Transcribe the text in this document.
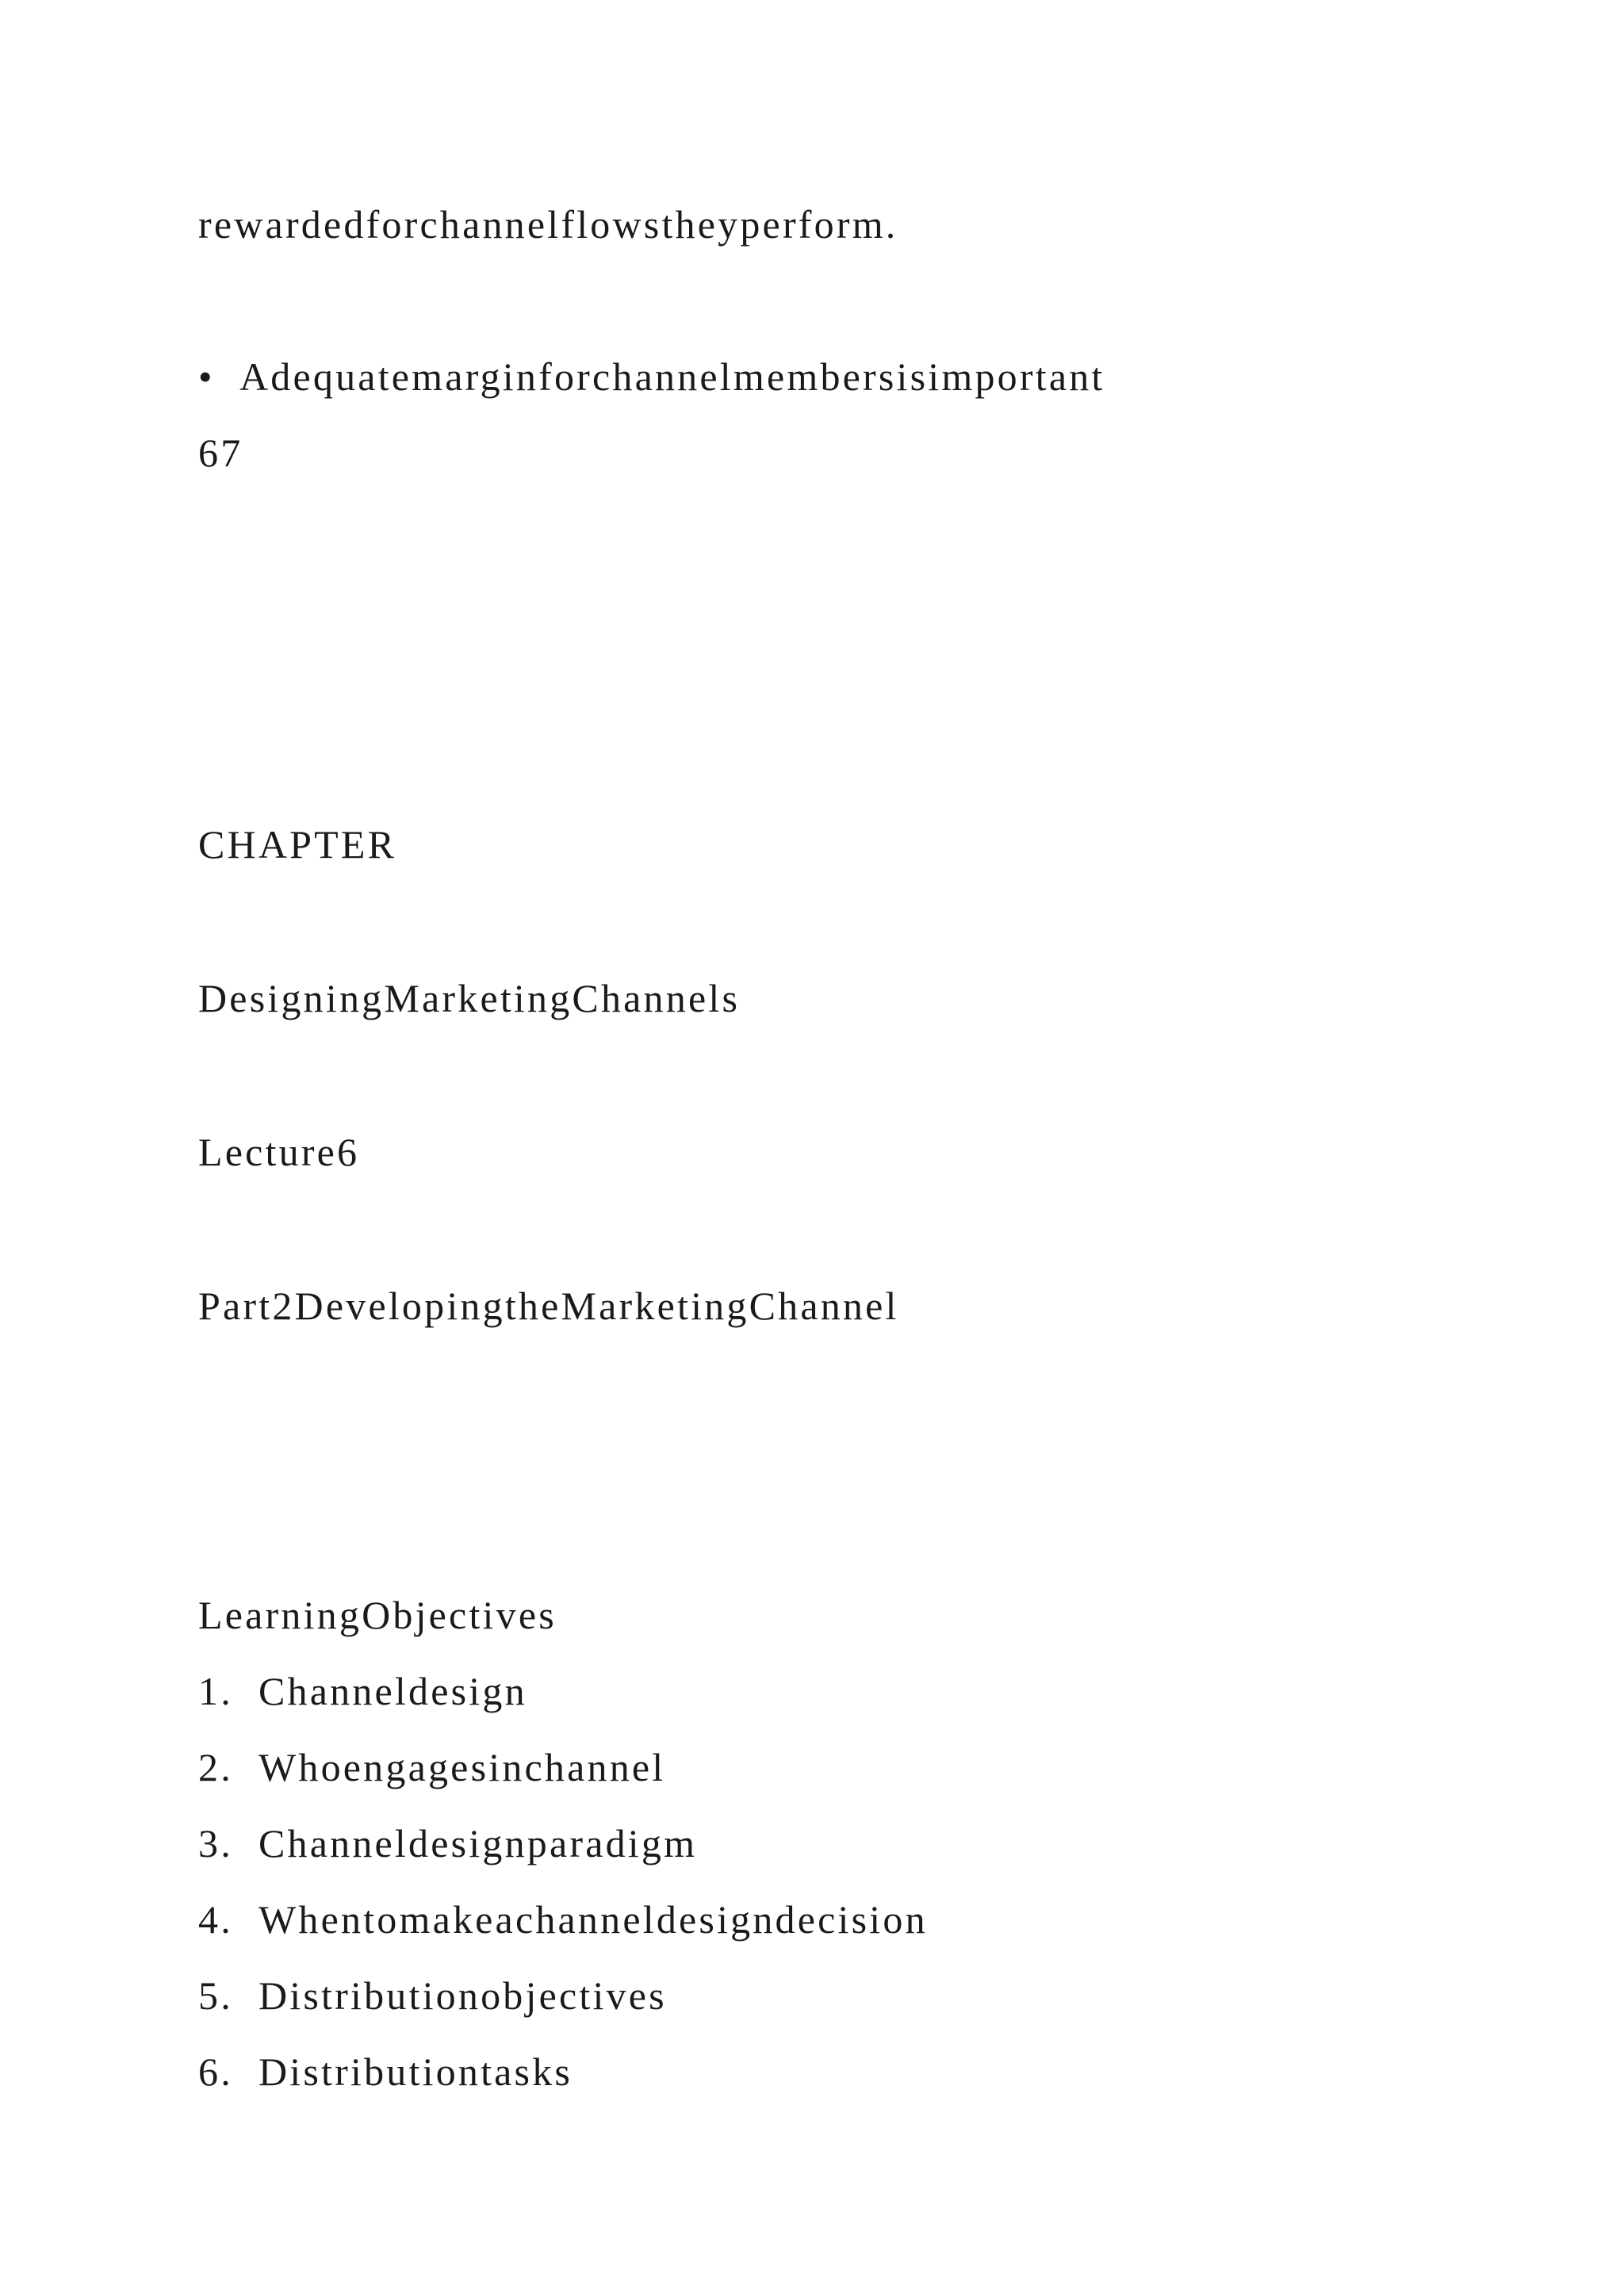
rewardedforchannelflowstheyperform.
• Adequatemarginforchannelmembersisimportant
67
CHAPTER
DesigningMarketingChannels
Lecture6
Part2DevelopingtheMarketingChannel
LearningObjectives
1. Channeldesign
2. Whoengagesinchannel
3. Channeldesignparadigm
4. Whentomakeachanneldesigndecision
5. Distributionobjectives
6. Distributiontasks
